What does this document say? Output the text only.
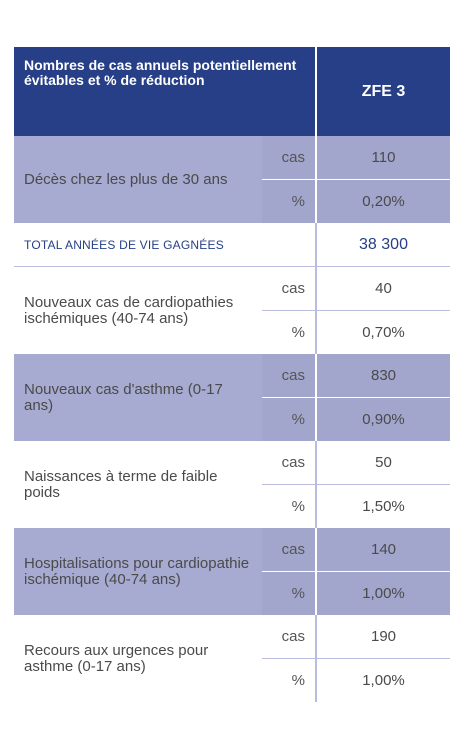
Nombres de cas annuels potentiellement évitables et % de réduction		ZFE 3
Décès chez les plus de 30 ans	cas	110
	%	0,20%
TOTAL ANNÉES DE VIE GAGNÉES		38 300
Nouveaux cas de cardiopathies ischémiques (40-74 ans)	cas	40
	%	0,70%
Nouveaux cas d'asthme (0-17 ans)	cas	830
	%	0,90%
Naissances à terme de faible poids	cas	50
	%	1,50%
Hospitalisations pour cardiopathie ischémique (40-74 ans)	cas	140
	%	1,00%
Recours aux urgences pour asthme (0-17 ans)	cas	190
	%	1,00%
